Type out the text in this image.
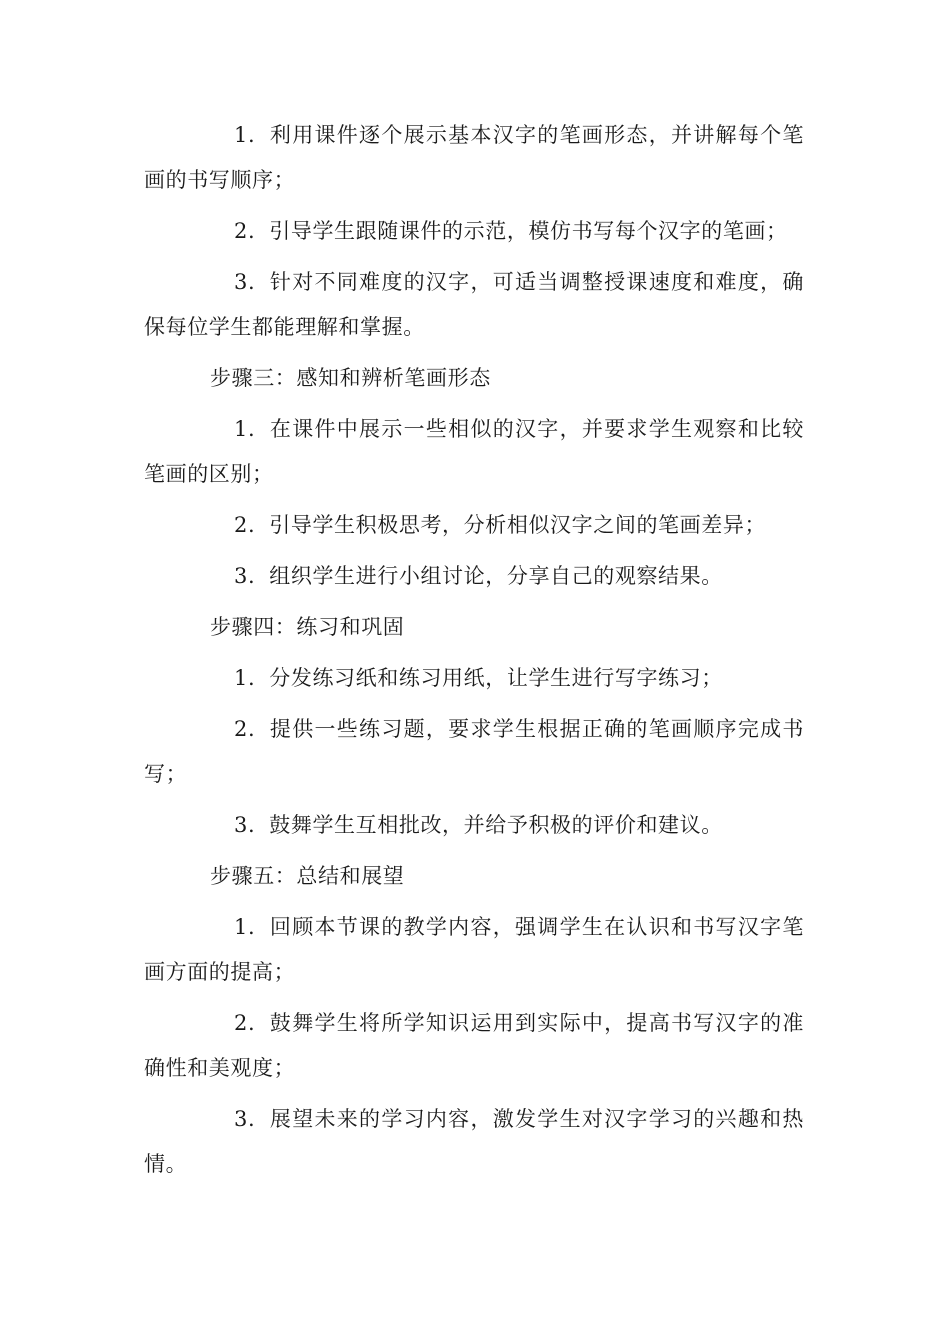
1. 利用课件逐个展示基本汉字的笔画形态，并讲解每个笔画的书写顺序；

2. 引导学生跟随课件的示范，模仿书写每个汉字的笔画；

3. 针对不同难度的汉字，可适当调整授课速度和难度，确保每位学生都能理解和掌握。

步骤三：感知和辨析笔画形态

1. 在课件中展示一些相似的汉字，并要求学生观察和比较笔画的区别；

2. 引导学生积极思考，分析相似汉字之间的笔画差异；

3. 组织学生进行小组讨论，分享自己的观察结果。

步骤四：练习和巩固

1. 分发练习纸和练习用纸，让学生进行写字练习；

2. 提供一些练习题，要求学生根据正确的笔画顺序完成书写；

3. 鼓舞学生互相批改，并给予积极的评价和建议。

步骤五：总结和展望

1. 回顾本节课的教学内容，强调学生在认识和书写汉字笔画方面的提高；

2. 鼓舞学生将所学知识运用到实际中，提高书写汉字的准确性和美观度；

3. 展望未来的学习内容，激发学生对汉字学习的兴趣和热情。
